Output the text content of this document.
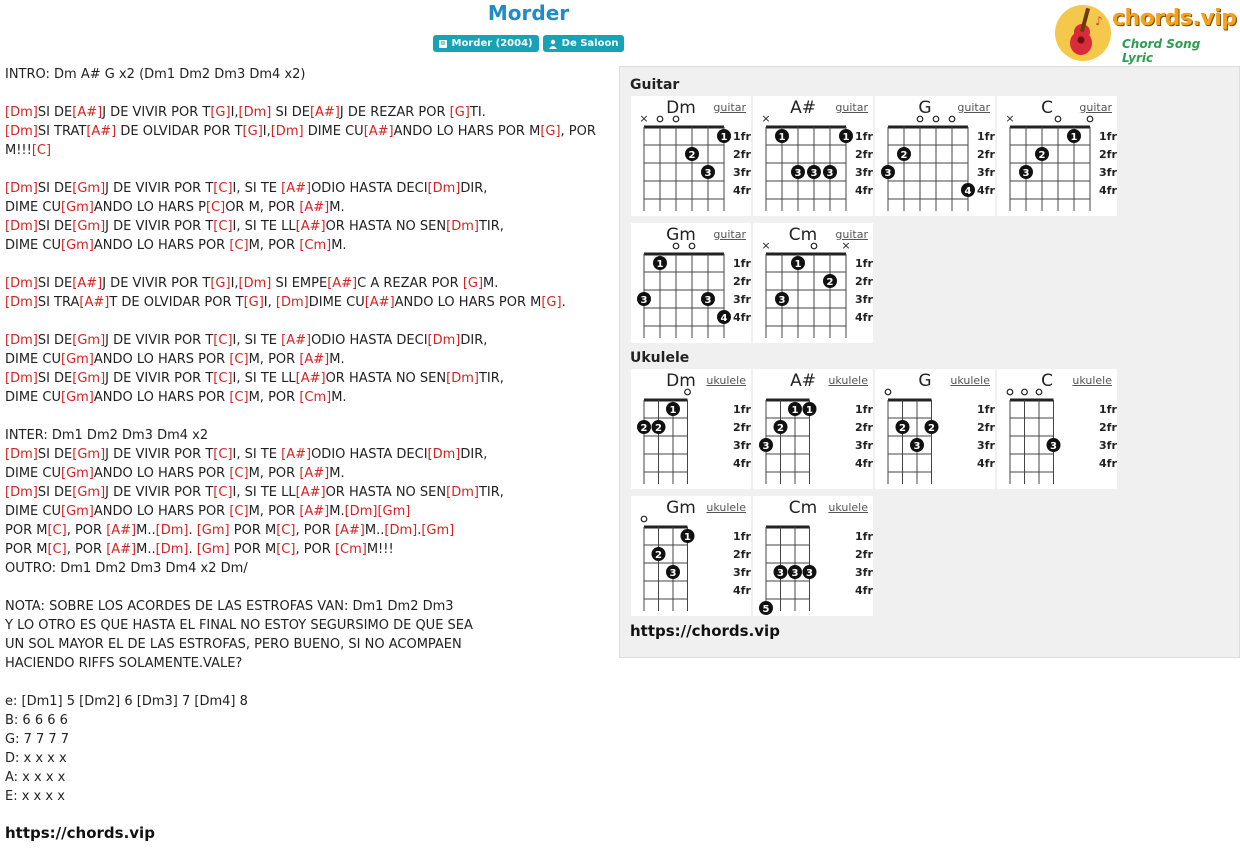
Morder
Morder (2004)	De Saloon
♪ chords.vip
Chord Song Lyric
INTRO: Dm A# G x2 (Dm1 Dm2 Dm3 Dm4 x2)
[Dm]SI DE[A#]J DE VIVIR POR T[G]I,[Dm] SI DE[A#]J DE REZAR POR [G]TI.
[Dm]SI TRAT[A#] DE OLVIDAR POR T[G]I,[Dm] DIME CU[A#]ANDO LO HARS POR M[G], POR
M!!![C]
[Dm]SI DE[Gm]J DE VIVIR POR T[C]I, SI TE [A#]ODIO HASTA DECI[Dm]DIR,
DIME CU[Gm]ANDO LO HARS P[C]OR M, POR [A#]M.
[Dm]SI DE[Gm]J DE VIVIR POR T[C]I, SI TE LL[A#]OR HASTA NO SEN[Dm]TIR,
DIME CU[Gm]ANDO LO HARS POR [C]M, POR [Cm]M.
[Dm]SI DE[A#]J DE VIVIR POR T[G]I,[Dm] SI EMPE[A#]C A REZAR POR [G]M.
[Dm]SI TRA[A#]T DE OLVIDAR POR T[G]I, [Dm]DIME CU[A#]ANDO LO HARS POR M[G].
[Dm]SI DE[Gm]J DE VIVIR POR T[C]I, SI TE [A#]ODIO HASTA DECI[Dm]DIR,
DIME CU[Gm]ANDO LO HARS POR [C]M, POR [A#]M.
[Dm]SI DE[Gm]J DE VIVIR POR T[C]I, SI TE LL[A#]OR HASTA NO SEN[Dm]TIR,
DIME CU[Gm]ANDO LO HARS POR [C]M, POR [Cm]M.
INTER: Dm1 Dm2 Dm3 Dm4 x2
[Dm]SI DE[Gm]J DE VIVIR POR T[C]I, SI TE [A#]ODIO HASTA DECI[Dm]DIR,
DIME CU[Gm]ANDO LO HARS POR [C]M, POR [A#]M.
[Dm]SI DE[Gm]J DE VIVIR POR T[C]I, SI TE LL[A#]OR HASTA NO SEN[Dm]TIR,
DIME CU[Gm]ANDO LO HARS POR [C]M, POR [A#]M.[Dm][Gm]
POR M[C], POR [A#]M..[Dm]. [Gm] POR M[C], POR [A#]M..[Dm].[Gm]
POR M[C], POR [A#]M..[Dm]. [Gm] POR M[C], POR [Cm]M!!!
OUTRO: Dm1 Dm2 Dm3 Dm4 x2 Dm/
NOTA: SOBRE LOS ACORDES DE LAS ESTROFAS VAN: Dm1 Dm2 Dm3
Y LO OTRO ES QUE HASTA EL FINAL NO ESTOY SEGURSIMO DE QUE SEA
UN SOL MAYOR EL DE LAS ESTROFAS, PERO BUENO, SI NO ACOMPAEN
HACIENDO RIFFS SOLAMENTE.VALE?
e: [Dm1] 5 [Dm2] 6 [Dm3] 7 [Dm4] 8
B: 6 6 6 6
G: 7 7 7 7
D: x x x x
A: x x x x
E: x x x x
https://chords.vip
Guitar
Dm	guitar
1fr
2fr
3fr
4fr
×
2
3
1
A#	guitar
1fr
2fr
3fr
4fr
×
1
3 3 3
1
G	guitar
1fr
2fr
3fr
4fr
3
2
4
C	guitar
1fr
2fr
3fr
4fr
×
3
2
1
Gm	guitar
1fr
2fr
3fr
4fr
3
1
3
4
Cm	guitar
1fr
2fr
3fr
4fr
×
3
1
2
×
Ukulele
Dm ukulele
1fr
2fr
3fr
4fr
2 2
1
A#	ukulele
1fr
2fr
3fr
4fr
3
2
1 1
G	ukulele
1fr
2fr
3fr
4fr
2
3
2
C	ukulele
1fr
2fr
3fr
4fr
3
Gm ukulele
1fr
2fr
3fr
4fr
2
3
1
Cm	ukulele
1fr
2fr
3fr
4fr
5
3 3 3
https://chords.vip
